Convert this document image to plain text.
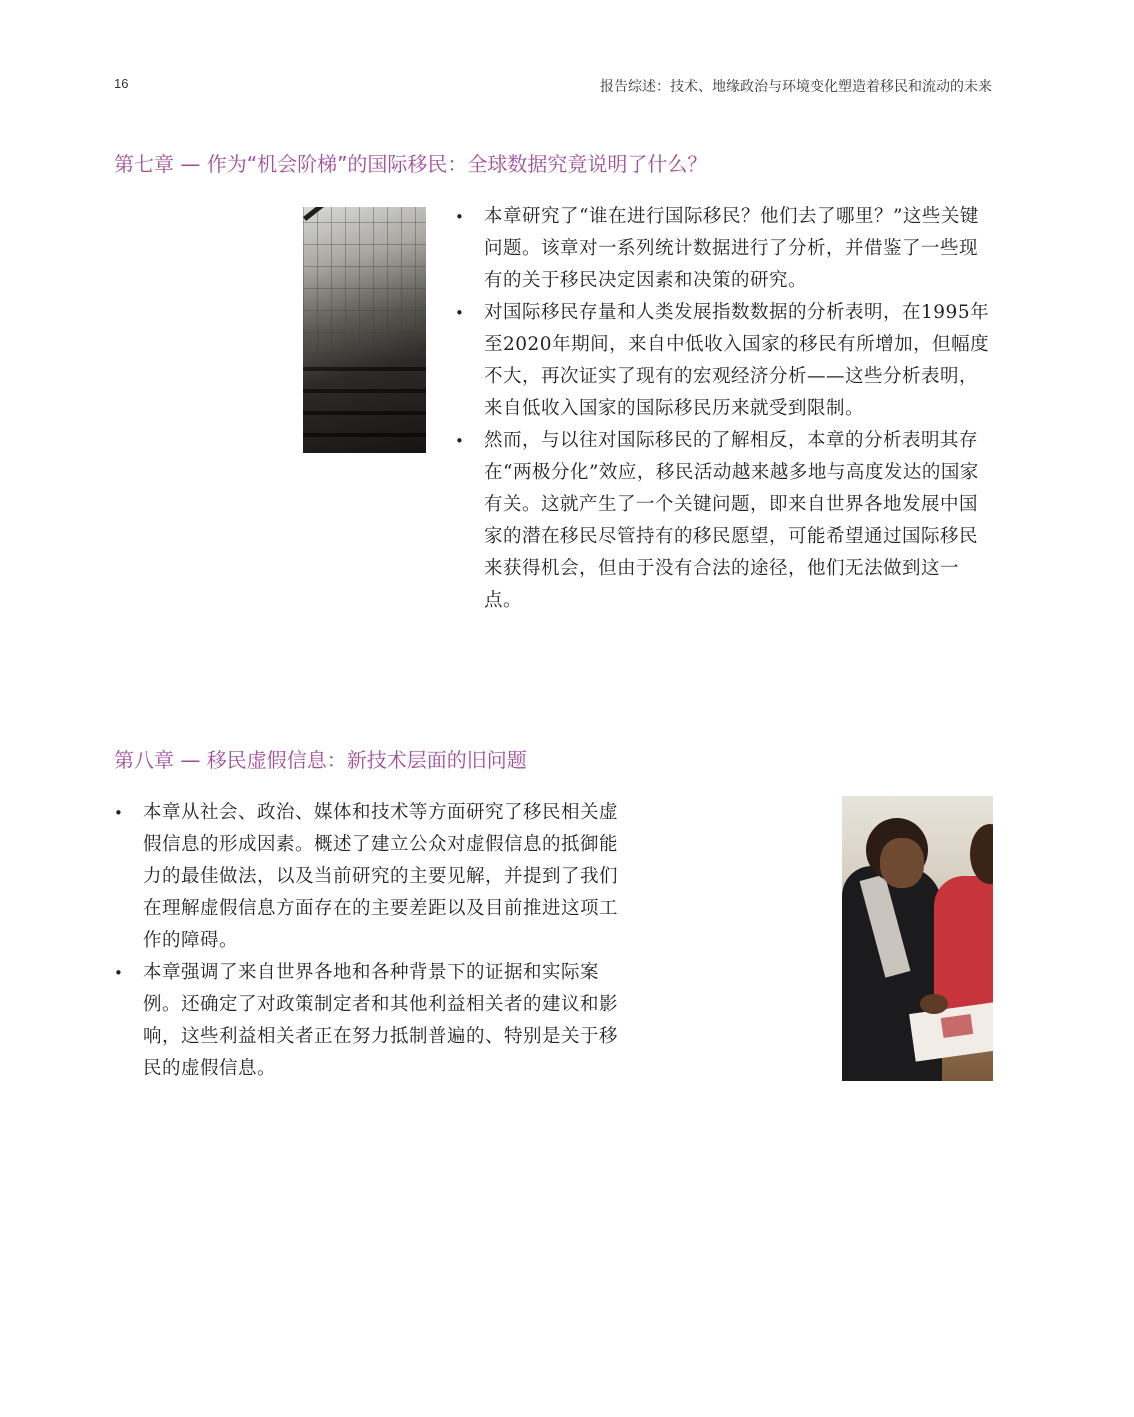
16	报告综述：技术、地缘政治与环境变化塑造着移民和流动的未来
第七章 — 作为“机会阶梯”的国际移民：全球数据究竟说明了什么？
• 本章研究了“谁在进行国际移民？他们去了哪里？”这些关键问题。该章对一系列统计数据进行了分析，并借鉴了一些现有的关于移民决定因素和决策的研究。
• 对国际移民存量和人类发展指数数据的分析表明，在1995年至2020年期间，来自中低收入国家的移民有所增加，但幅度不大，再次证实了现有的宏观经济分析——这些分析表明，来自低收入国家的国际移民历来就受到限制。
• 然而，与以往对国际移民的了解相反，本章的分析表明其存在“两极分化”效应，移民活动越来越多地与高度发达的国家有关。这就产生了一个关键问题，即来自世界各地发展中国家的潜在移民尽管持有的移民愿望，可能希望通过国际移民来获得机会，但由于没有合法的途径，他们无法做到这一点。
第八章 — 移民虚假信息：新技术层面的旧问题
• 本章从社会、政治、媒体和技术等方面研究了移民相关虚假信息的形成因素。概述了建立公众对虚假信息的抵御能力的最佳做法，以及当前研究的主要见解，并提到了我们在理解虚假信息方面存在的主要差距以及目前推进这项工作的障碍。
• 本章强调了来自世界各地和各种背景下的证据和实际案例。还确定了对政策制定者和其他利益相关者的建议和影响，这些利益相关者正在努力抵制普遍的、特别是关于移民的虚假信息。
